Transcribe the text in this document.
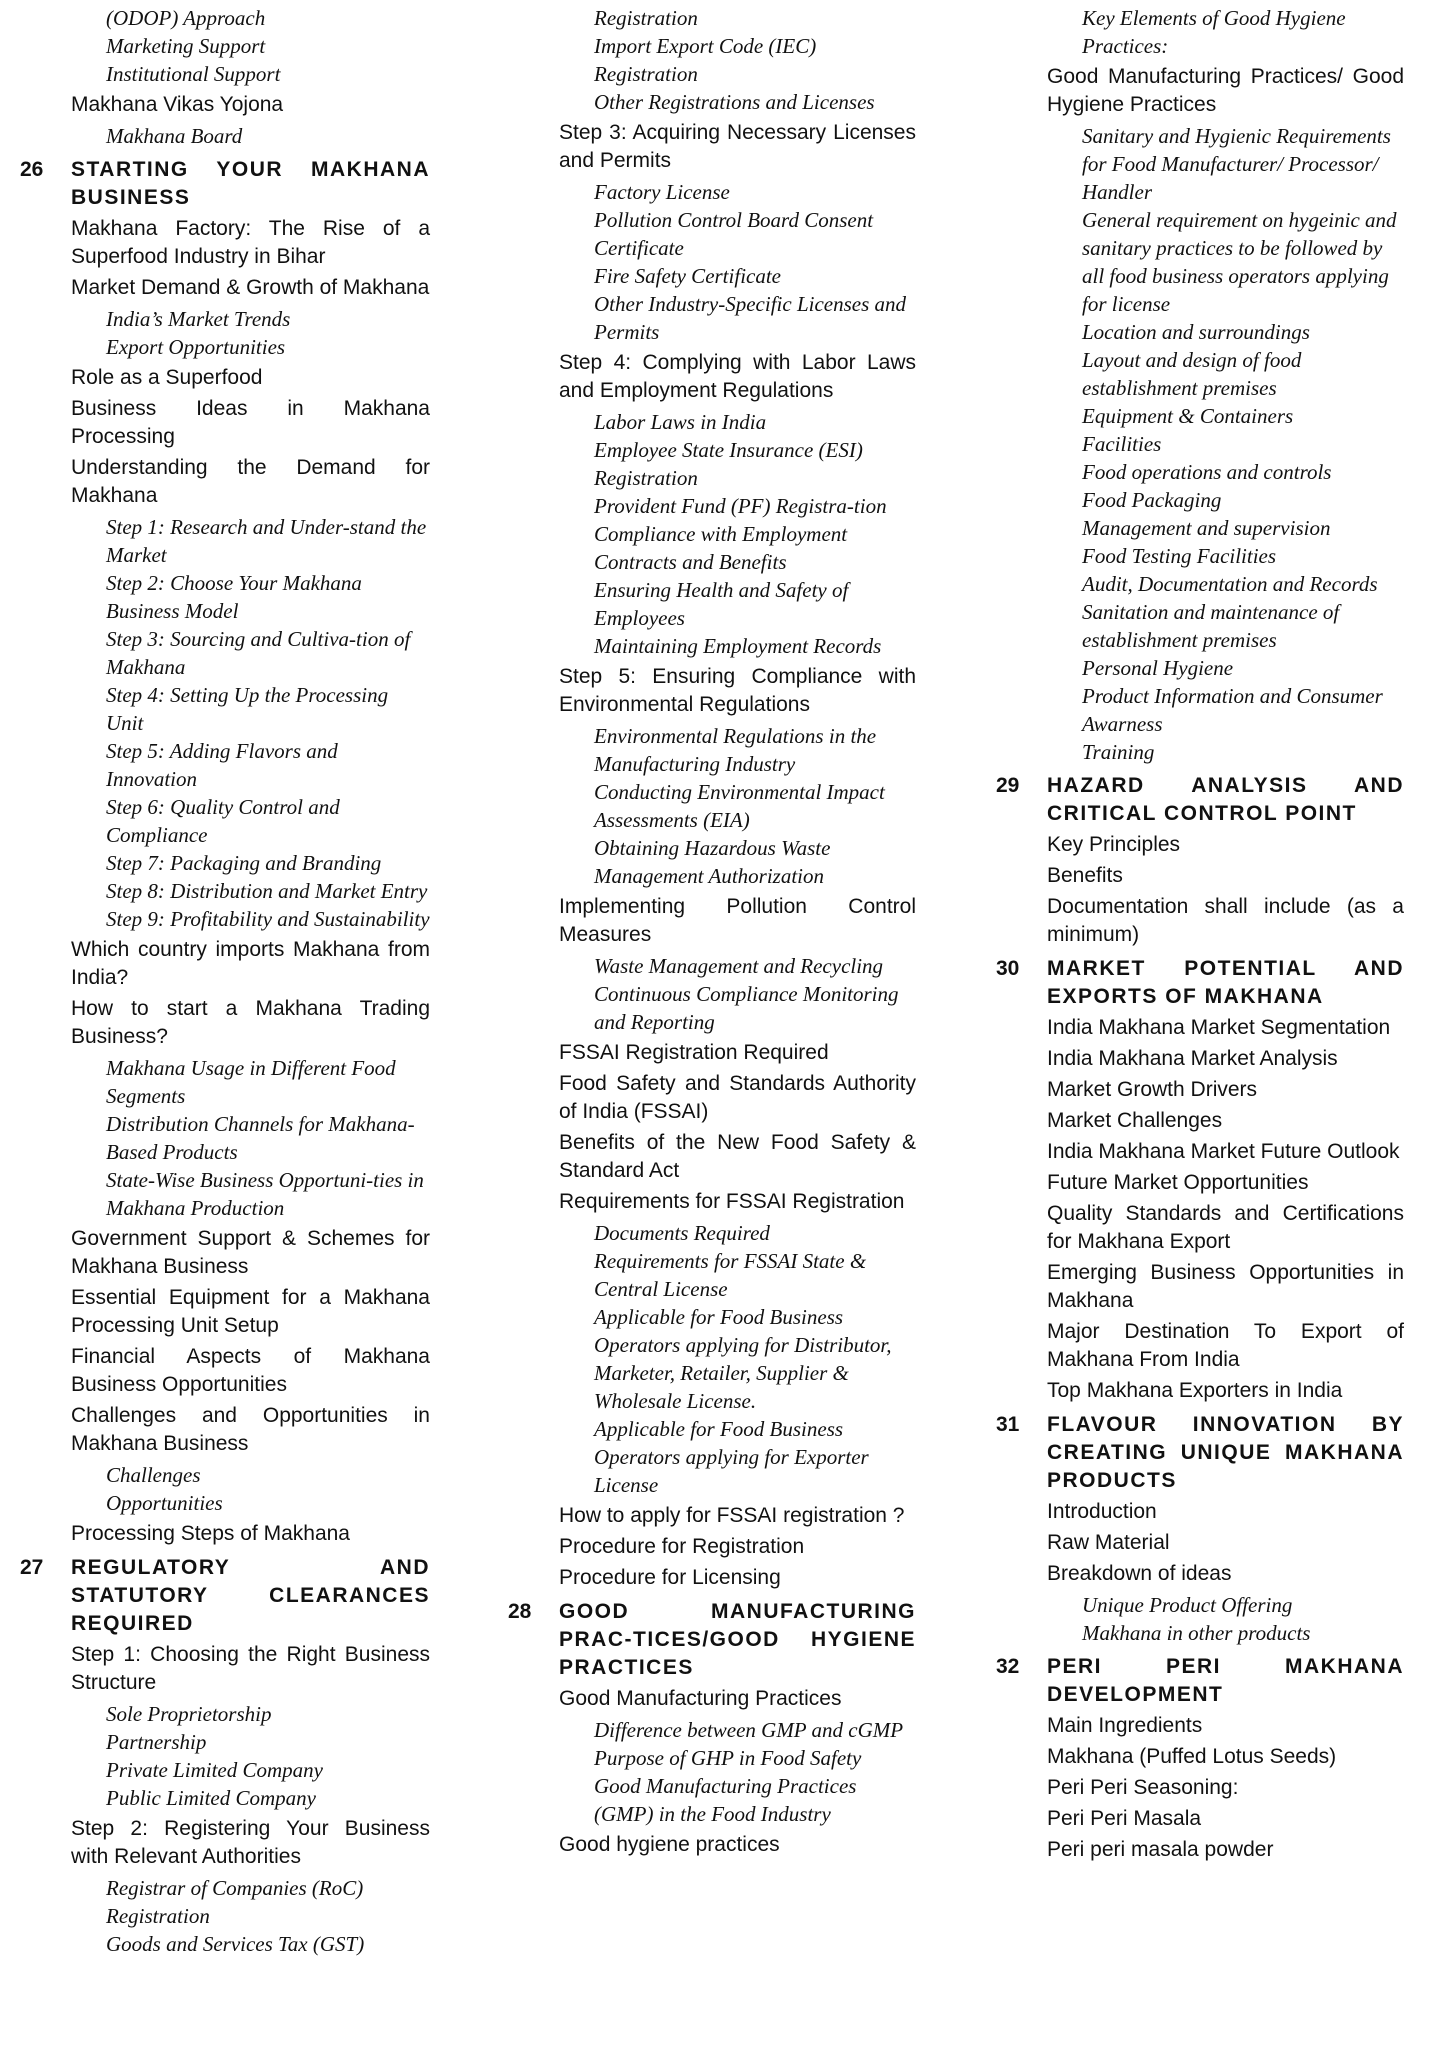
(ODOP) Approach
Marketing Support
Institutional Support
Makhana Vikas Yojona
Makhana Board
26 STARTING YOUR MAKHANA BUSINESS
Makhana Factory: The Rise of a Superfood Industry in Bihar
Market Demand & Growth of Makhana
India’s Market Trends
Export Opportunities
Role as a Superfood
Business Ideas in Makhana Processing
Understanding the Demand for Makhana
Step 1: Research and Under-stand the Market
Step 2: Choose Your Makhana Business Model
Step 3: Sourcing and Cultiva-tion of Makhana
Step 4: Setting Up the Processing Unit
Step 5: Adding Flavors and Innovation
Step 6: Quality Control and Compliance
Step 7: Packaging and Branding
Step 8: Distribution and Market Entry
Step 9: Profitability and Sustainability
Which country imports Makhana from India?
How to start a Makhana Trading Business?
Makhana Usage in Different Food Segments
Distribution Channels for Makhana-Based Products
State-Wise Business Opportuni-ties in Makhana Production
Government Support & Schemes for Makhana Business
Essential Equipment for a Makhana Processing Unit Setup
Financial Aspects of Makhana Business Opportunities
Challenges and Opportunities in Makhana Business
Challenges
Opportunities
Processing Steps of Makhana
27 REGULATORY AND STATUTORY CLEARANCES REQUIRED
Step 1: Choosing the Right Business Structure
Sole Proprietorship
Partnership
Private Limited Company
Public Limited Company
Step 2: Registering Your Business with Relevant Authorities
Registrar of Companies (RoC) Registration
Goods and Services Tax (GST)
Registration
Import Export Code (IEC) Registration
Other Registrations and Licenses
Step 3: Acquiring Necessary Licenses and Permits
Factory License
Pollution Control Board Consent Certificate
Fire Safety Certificate
Other Industry-Specific Licenses and Permits
Step 4: Complying with Labor Laws and Employment Regulations
Labor Laws in India
Employee State Insurance (ESI) Registration
Provident Fund (PF) Registra-tion
Compliance with Employment Contracts and Benefits
Ensuring Health and Safety of Employees
Maintaining Employment Records
Step 5: Ensuring Compliance with Environmental Regulations
Environmental Regulations in the Manufacturing Industry
Conducting Environmental Impact Assessments (EIA)
Obtaining Hazardous Waste Management Authorization
Implementing Pollution Control Measures
Waste Management and Recycling
Continuous Compliance Monitoring and Reporting
FSSAI Registration Required
Food Safety and Standards Authority of India (FSSAI)
Benefits of the New Food Safety & Standard Act
Requirements for FSSAI Registration
Documents Required
Requirements for FSSAI State & Central License
Applicable for Food Business Operators applying for Distributor, Marketer, Retailer, Supplier & Wholesale License.
Applicable for Food Business Operators applying for Exporter License
How to apply for FSSAI registration ?
Procedure for Registration
Procedure for Licensing
28 GOOD MANUFACTURING PRAC-TICES/GOOD HYGIENE PRACTICES
Good Manufacturing Practices
Difference between GMP and cGMP
Purpose of GHP in Food Safety
Good Manufacturing Practices (GMP) in the Food Industry
Good hygiene practices
Key Elements of Good Hygiene Practices:
Good Manufacturing Practices/ Good Hygiene Practices
Sanitary and Hygienic Requirements for Food Manufacturer/ Processor/ Handler
General requirement on hygeinic and sanitary practices to be followed by all food business operators applying for license
Location and surroundings
Layout and design of food establishment premises
Equipment & Containers
Facilities
Food operations and controls
Food Packaging
Management and supervision
Food Testing Facilities
Audit, Documentation and Records
Sanitation and maintenance of establishment premises
Personal Hygiene
Product Information and Consumer Awarness
Training
29 HAZARD ANALYSIS AND CRITICAL CONTROL POINT
Key Principles
Benefits
Documentation shall include (as a minimum)
30 MARKET POTENTIAL AND EXPORTS OF MAKHANA
India Makhana Market Segmentation
India Makhana Market Analysis
Market Growth Drivers
Market Challenges
India Makhana Market Future Outlook
Future Market Opportunities
Quality Standards and Certifications for Makhana Export
Emerging Business Opportunities in Makhana
Major Destination To Export of Makhana From India
Top Makhana Exporters in India
31 FLAVOUR INNOVATION BY CREATING UNIQUE MAKHANA PRODUCTS
Introduction
Raw Material
Breakdown of ideas
Unique Product Offering
Makhana in other products
32 PERI PERI MAKHANA DEVELOPMENT
Main Ingredients
Makhana (Puffed Lotus Seeds)
Peri Peri Seasoning:
Peri Peri Masala
Peri peri masala powder
